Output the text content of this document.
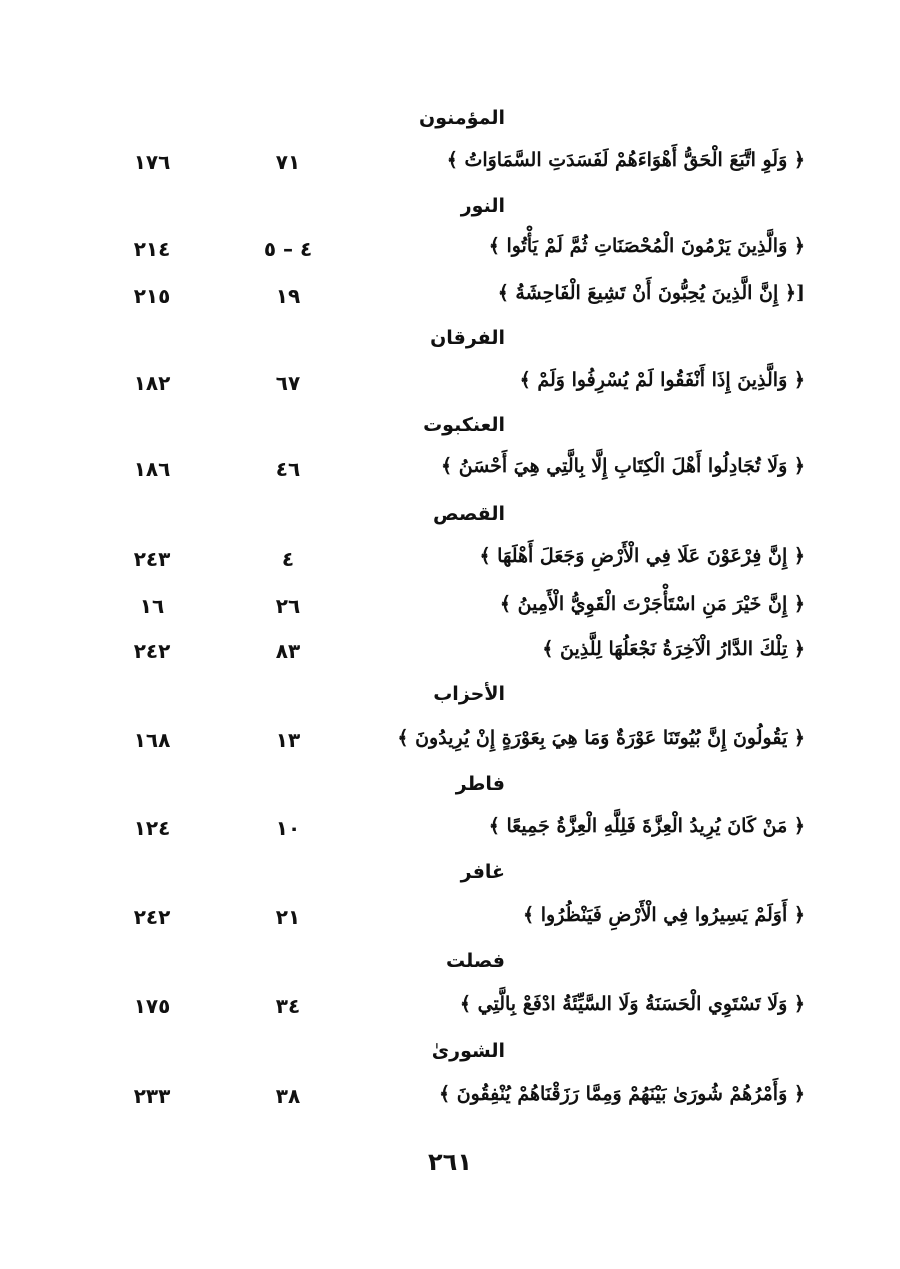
المؤمنون
﴿ وَلَوِ اتَّبَعَ الْحَقُّ أَهْوَاءَهُمْ لَفَسَدَتِ السَّمَاوَاتُ ﴾
٧١
١٧٦
النور
﴿ وَالَّذِينَ يَرْمُونَ الْمُحْصَنَاتِ ثُمَّ لَمْ يَأْتُوا ﴾
٤ – ٥
٢١٤
[﴿ إِنَّ الَّذِينَ يُحِبُّونَ أَنْ تَشِيعَ الْفَاحِشَةُ ﴾
١٩
٢١٥
الفرقان
﴿ وَالَّذِينَ إِذَا أَنْفَقُوا لَمْ يُسْرِفُوا وَلَمْ ﴾
٦٧
١٨٢
العنكبوت
﴿ وَلَا تُجَادِلُوا أَهْلَ الْكِتَابِ إِلَّا بِالَّتِي هِيَ أَحْسَنُ ﴾
٤٦
١٨٦
القصص
﴿ إِنَّ فِرْعَوْنَ عَلَا فِي الْأَرْضِ وَجَعَلَ أَهْلَهَا ﴾
٤
٢٤٣
﴿ إِنَّ خَيْرَ مَنِ اسْتَأْجَرْتَ الْقَوِيُّ الْأَمِينُ ﴾
٢٦
١٦
﴿ تِلْكَ الدَّارُ الْآخِرَةُ نَجْعَلُهَا لِلَّذِينَ ﴾
٨٣
٢٤٢
الأحزاب
﴿ يَقُولُونَ إِنَّ بُيُوتَنَا عَوْرَةٌ وَمَا هِيَ بِعَوْرَةٍ إِنْ يُرِيدُونَ ﴾
١٣
١٦٨
فاطر
﴿ مَنْ كَانَ يُرِيدُ الْعِزَّةَ فَلِلَّهِ الْعِزَّةُ جَمِيعًا ﴾
١٠
١٢٤
غافر
﴿ أَوَلَمْ يَسِيرُوا فِي الْأَرْضِ فَيَنْظُرُوا ﴾
٢١
٢٤٢
فصلت
﴿ وَلَا تَسْتَوِي الْحَسَنَةُ وَلَا السَّيِّئَةُ ادْفَعْ بِالَّتِي ﴾
٣٤
١٧٥
الشورىٰ
﴿ وَأَمْرُهُمْ شُورَىٰ بَيْنَهُمْ وَمِمَّا رَزَقْنَاهُمْ يُنْفِقُونَ ﴾
٣٨
٢٣٣
٢٦١
